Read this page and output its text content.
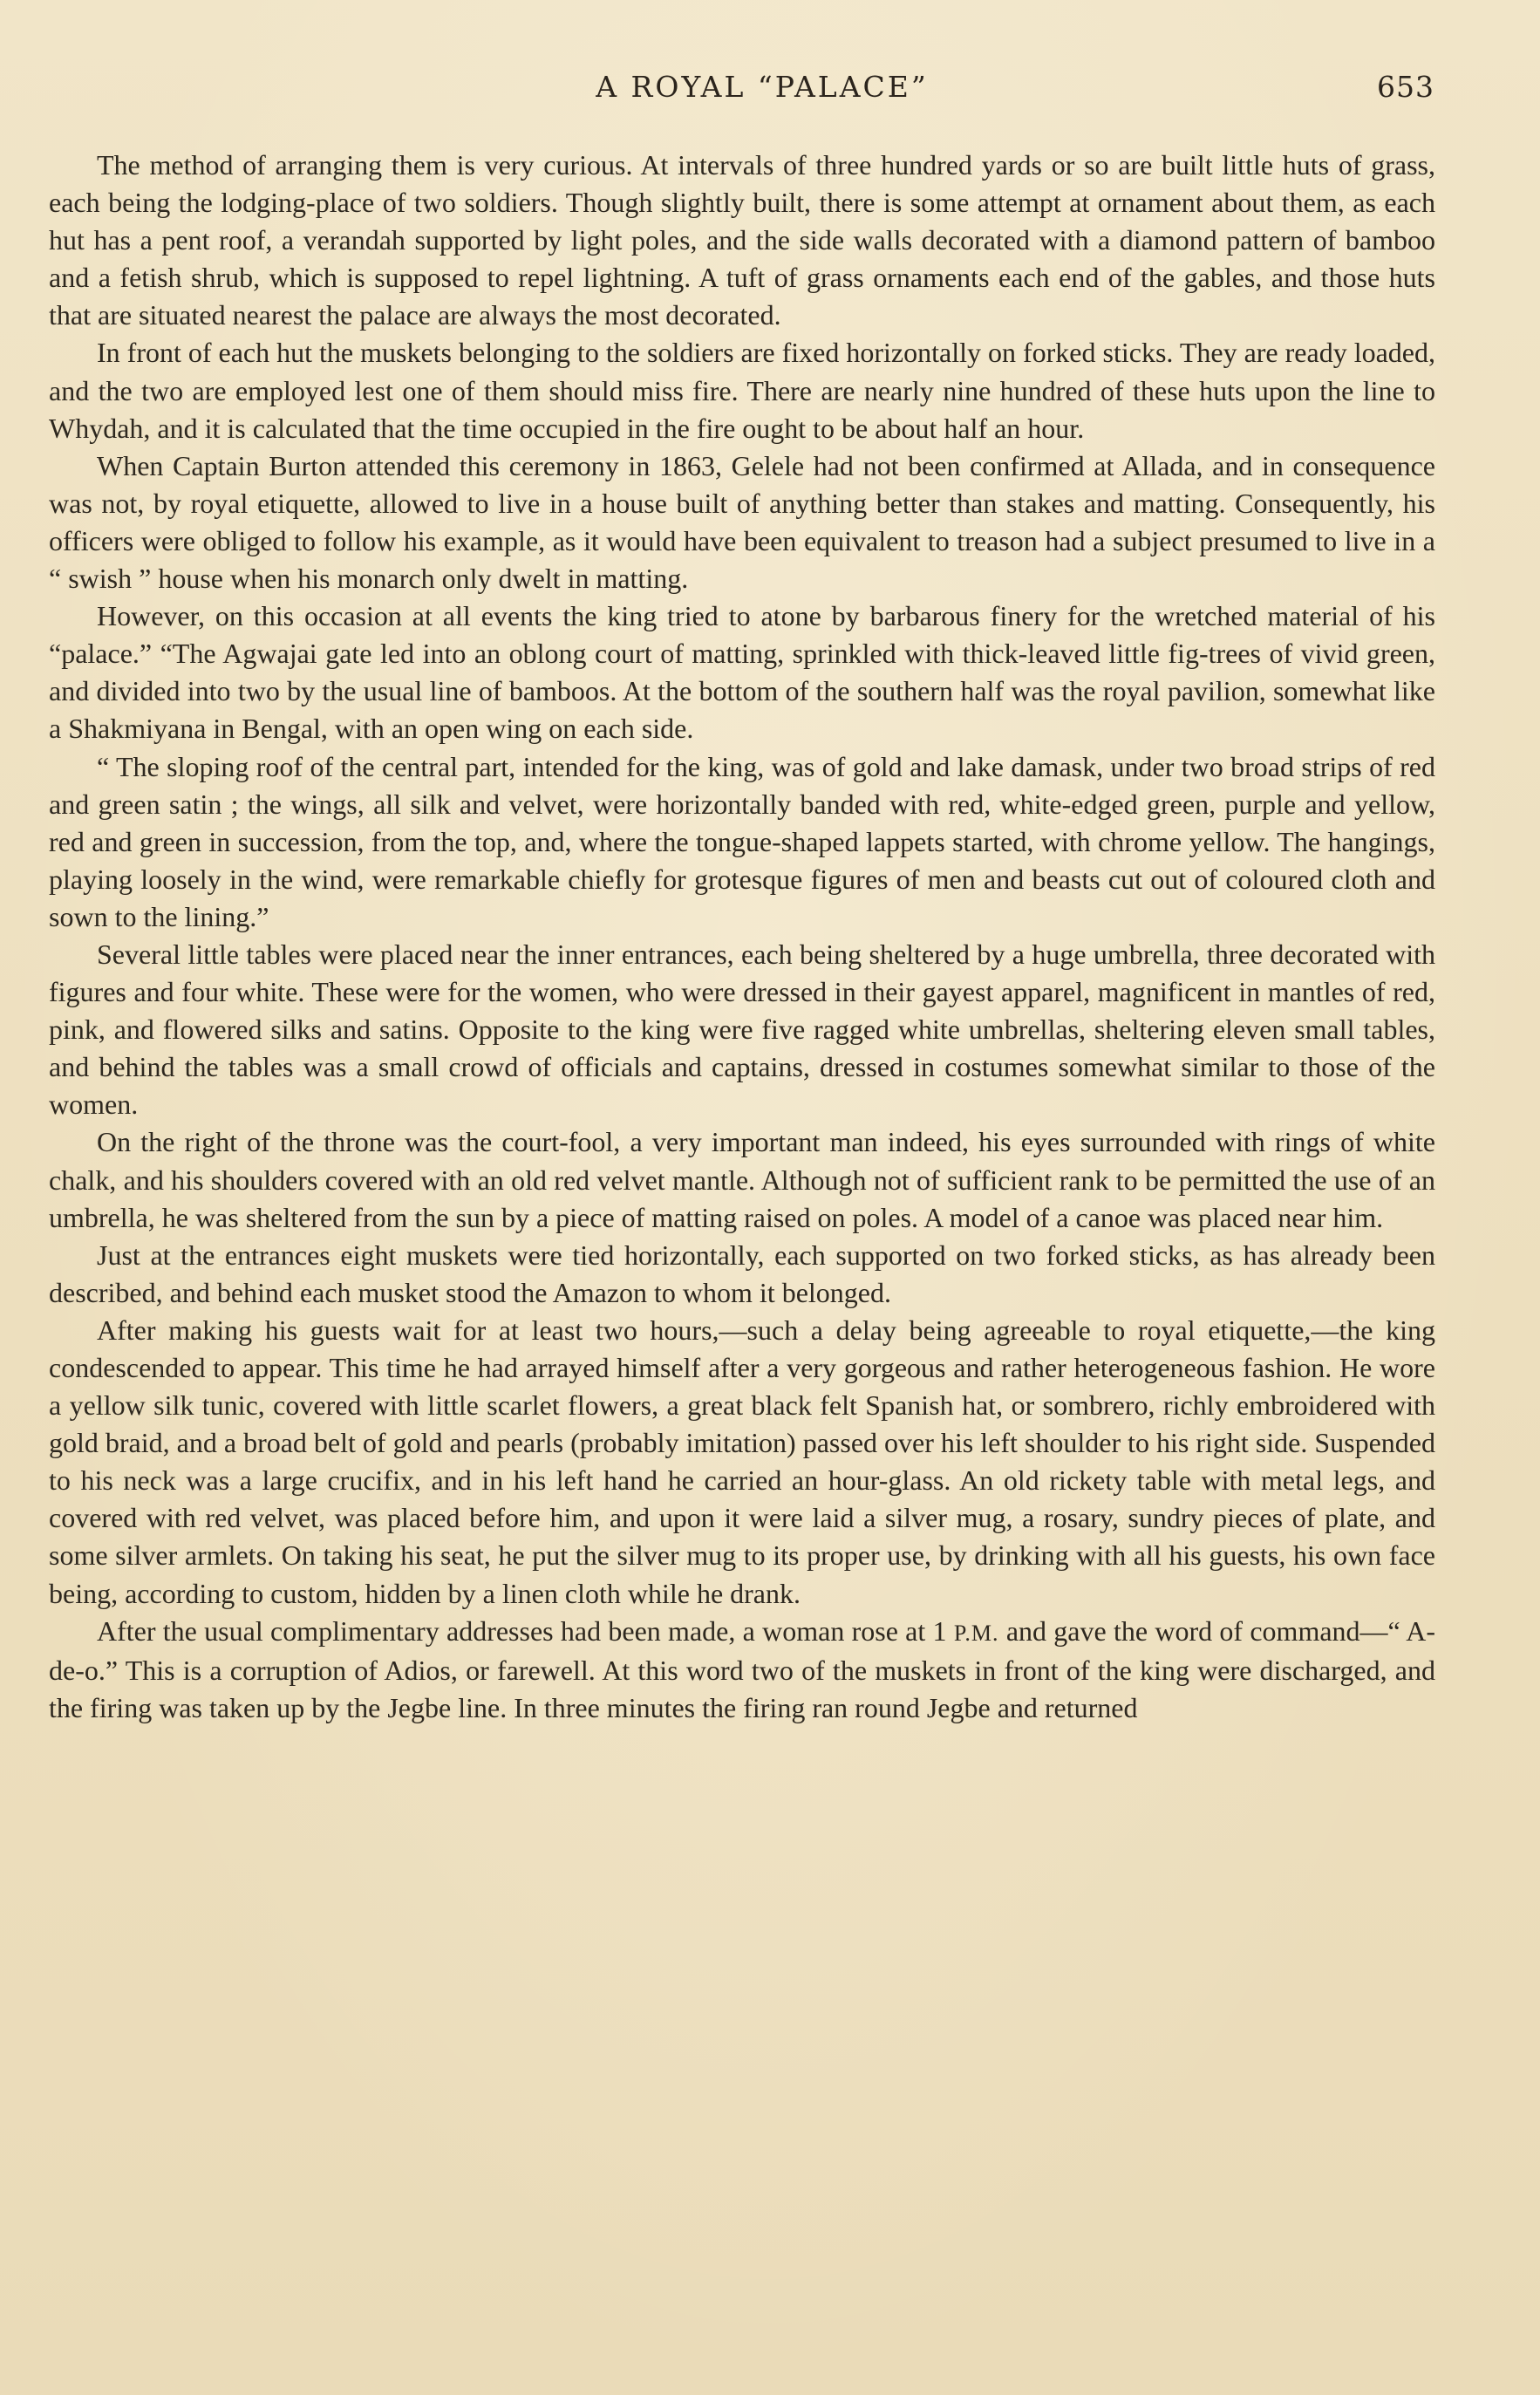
A ROYAL “PALACE”	653

The method of arranging them is very curious. At intervals of three hundred yards or so are built little huts of grass, each being the lodging-place of two soldiers. Though slightly built, there is some attempt at ornament about them, as each hut has a pent roof, a verandah supported by light poles, and the side walls decorated with a diamond pattern of bamboo and a fetish shrub, which is supposed to repel lightning. A tuft of grass ornaments each end of the gables, and those huts that are situated nearest the palace are always the most decorated.

In front of each hut the muskets belonging to the soldiers are fixed horizontally on forked sticks. They are ready loaded, and the two are employed lest one of them should miss fire. There are nearly nine hundred of these huts upon the line to Whydah, and it is calculated that the time occupied in the fire ought to be about half an hour.

When Captain Burton attended this ceremony in 1863, Gelele had not been confirmed at Allada, and in consequence was not, by royal etiquette, allowed to live in a house built of anything better than stakes and matting. Consequently, his officers were obliged to follow his example, as it would have been equivalent to treason had a subject presumed to live in a “ swish ” house when his monarch only dwelt in matting.

However, on this occasion at all events the king tried to atone by barbarous finery for the wretched material of his “palace.” “The Agwajai gate led into an oblong court of matting, sprinkled with thick-leaved little fig-trees of vivid green, and divided into two by the usual line of bamboos. At the bottom of the southern half was the royal pavilion, somewhat like a Shakmiyana in Bengal, with an open wing on each side.

“ The sloping roof of the central part, intended for the king, was of gold and lake damask, under two broad strips of red and green satin ; the wings, all silk and velvet, were horizontally banded with red, white-edged green, purple and yellow, red and green in succession, from the top, and, where the tongue-shaped lappets started, with chrome yellow. The hangings, playing loosely in the wind, were remarkable chiefly for grotesque figures of men and beasts cut out of coloured cloth and sown to the lining.”

Several little tables were placed near the inner entrances, each being sheltered by a huge umbrella, three decorated with figures and four white. These were for the women, who were dressed in their gayest apparel, magnificent in mantles of red, pink, and flowered silks and satins. Opposite to the king were five ragged white umbrellas, sheltering eleven small tables, and behind the tables was a small crowd of officials and captains, dressed in costumes somewhat similar to those of the women.

On the right of the throne was the court-fool, a very important man indeed, his eyes surrounded with rings of white chalk, and his shoulders covered with an old red velvet mantle. Although not of sufficient rank to be permitted the use of an umbrella, he was sheltered from the sun by a piece of matting raised on poles. A model of a canoe was placed near him.

Just at the entrances eight muskets were tied horizontally, each supported on two forked sticks, as has already been described, and behind each musket stood the Amazon to whom it belonged.

After making his guests wait for at least two hours,—such a delay being agreeable to royal etiquette,—the king condescended to appear. This time he had arrayed himself after a very gorgeous and rather heterogeneous fashion. He wore a yellow silk tunic, covered with little scarlet flowers, a great black felt Spanish hat, or sombrero, richly embroidered with gold braid, and a broad belt of gold and pearls (probably imitation) passed over his left shoulder to his right side. Suspended to his neck was a large crucifix, and in his left hand he carried an hour-glass. An old rickety table with metal legs, and covered with red velvet, was placed before him, and upon it were laid a silver mug, a rosary, sundry pieces of plate, and some silver armlets. On taking his seat, he put the silver mug to its proper use, by drinking with all his guests, his own face being, according to custom, hidden by a linen cloth while he drank.

After the usual complimentary addresses had been made, a woman rose at 1 P.M. and gave the word of command—“ A-de-o.” This is a corruption of Adios, or farewell. At this word two of the muskets in front of the king were discharged, and the firing was taken up by the Jegbe line. In three minutes the firing ran round Jegbe and returned
